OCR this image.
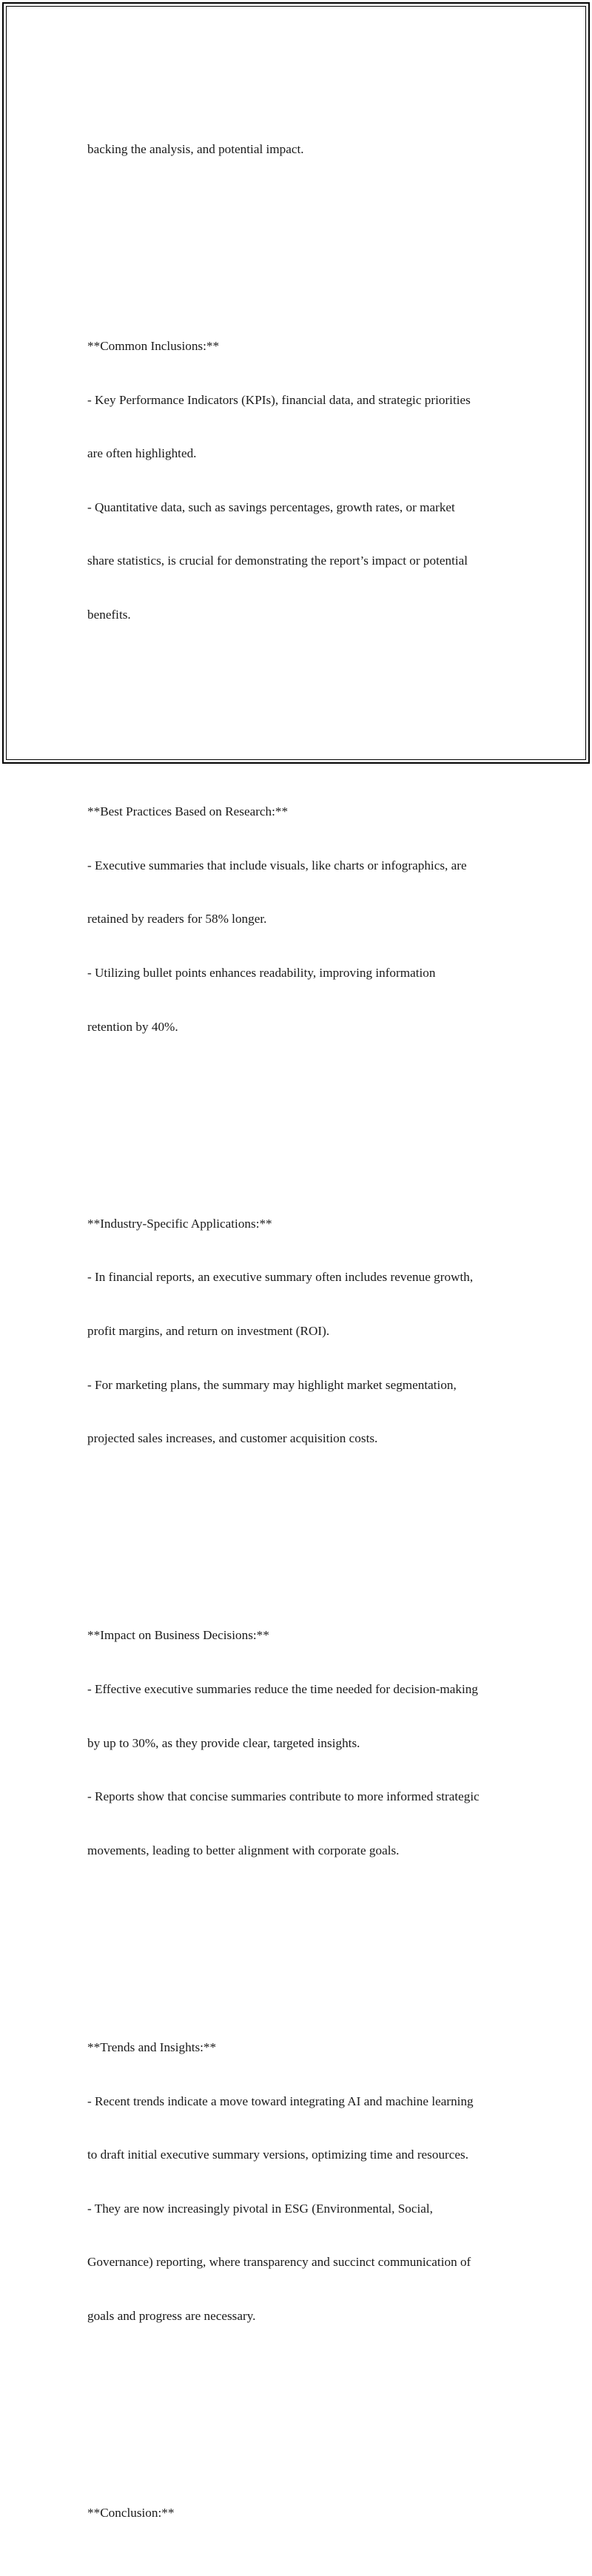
backing the analysis, and potential impact.

**Common Inclusions:**

- Key Performance Indicators (KPIs), financial data, and strategic priorities

are often highlighted.

- Quantitative data, such as savings percentages, growth rates, or market

share statistics, is crucial for demonstrating the report’s impact or potential

benefits.

**Best Practices Based on Research:**

- Executive summaries that include visuals, like charts or infographics, are

retained by readers for 58% longer.

- Utilizing bullet points enhances readability, improving information

retention by 40%.

**Industry-Specific Applications:**

- In financial reports, an executive summary often includes revenue growth,

profit margins, and return on investment (ROI).

- For marketing plans, the summary may highlight market segmentation,

projected sales increases, and customer acquisition costs.

**Impact on Business Decisions:**

- Effective executive summaries reduce the time needed for decision-making

by up to 30%, as they provide clear, targeted insights.

- Reports show that concise summaries contribute to more informed strategic

movements, leading to better alignment with corporate goals.

**Trends and Insights:**

- Recent trends indicate a move toward integrating AI and machine learning

to draft initial executive summary versions, optimizing time and resources.

- They are now increasingly pivotal in ESG (Environmental, Social,

Governance) reporting, where transparency and succinct communication of

goals and progress are necessary.

**Conclusion:**
